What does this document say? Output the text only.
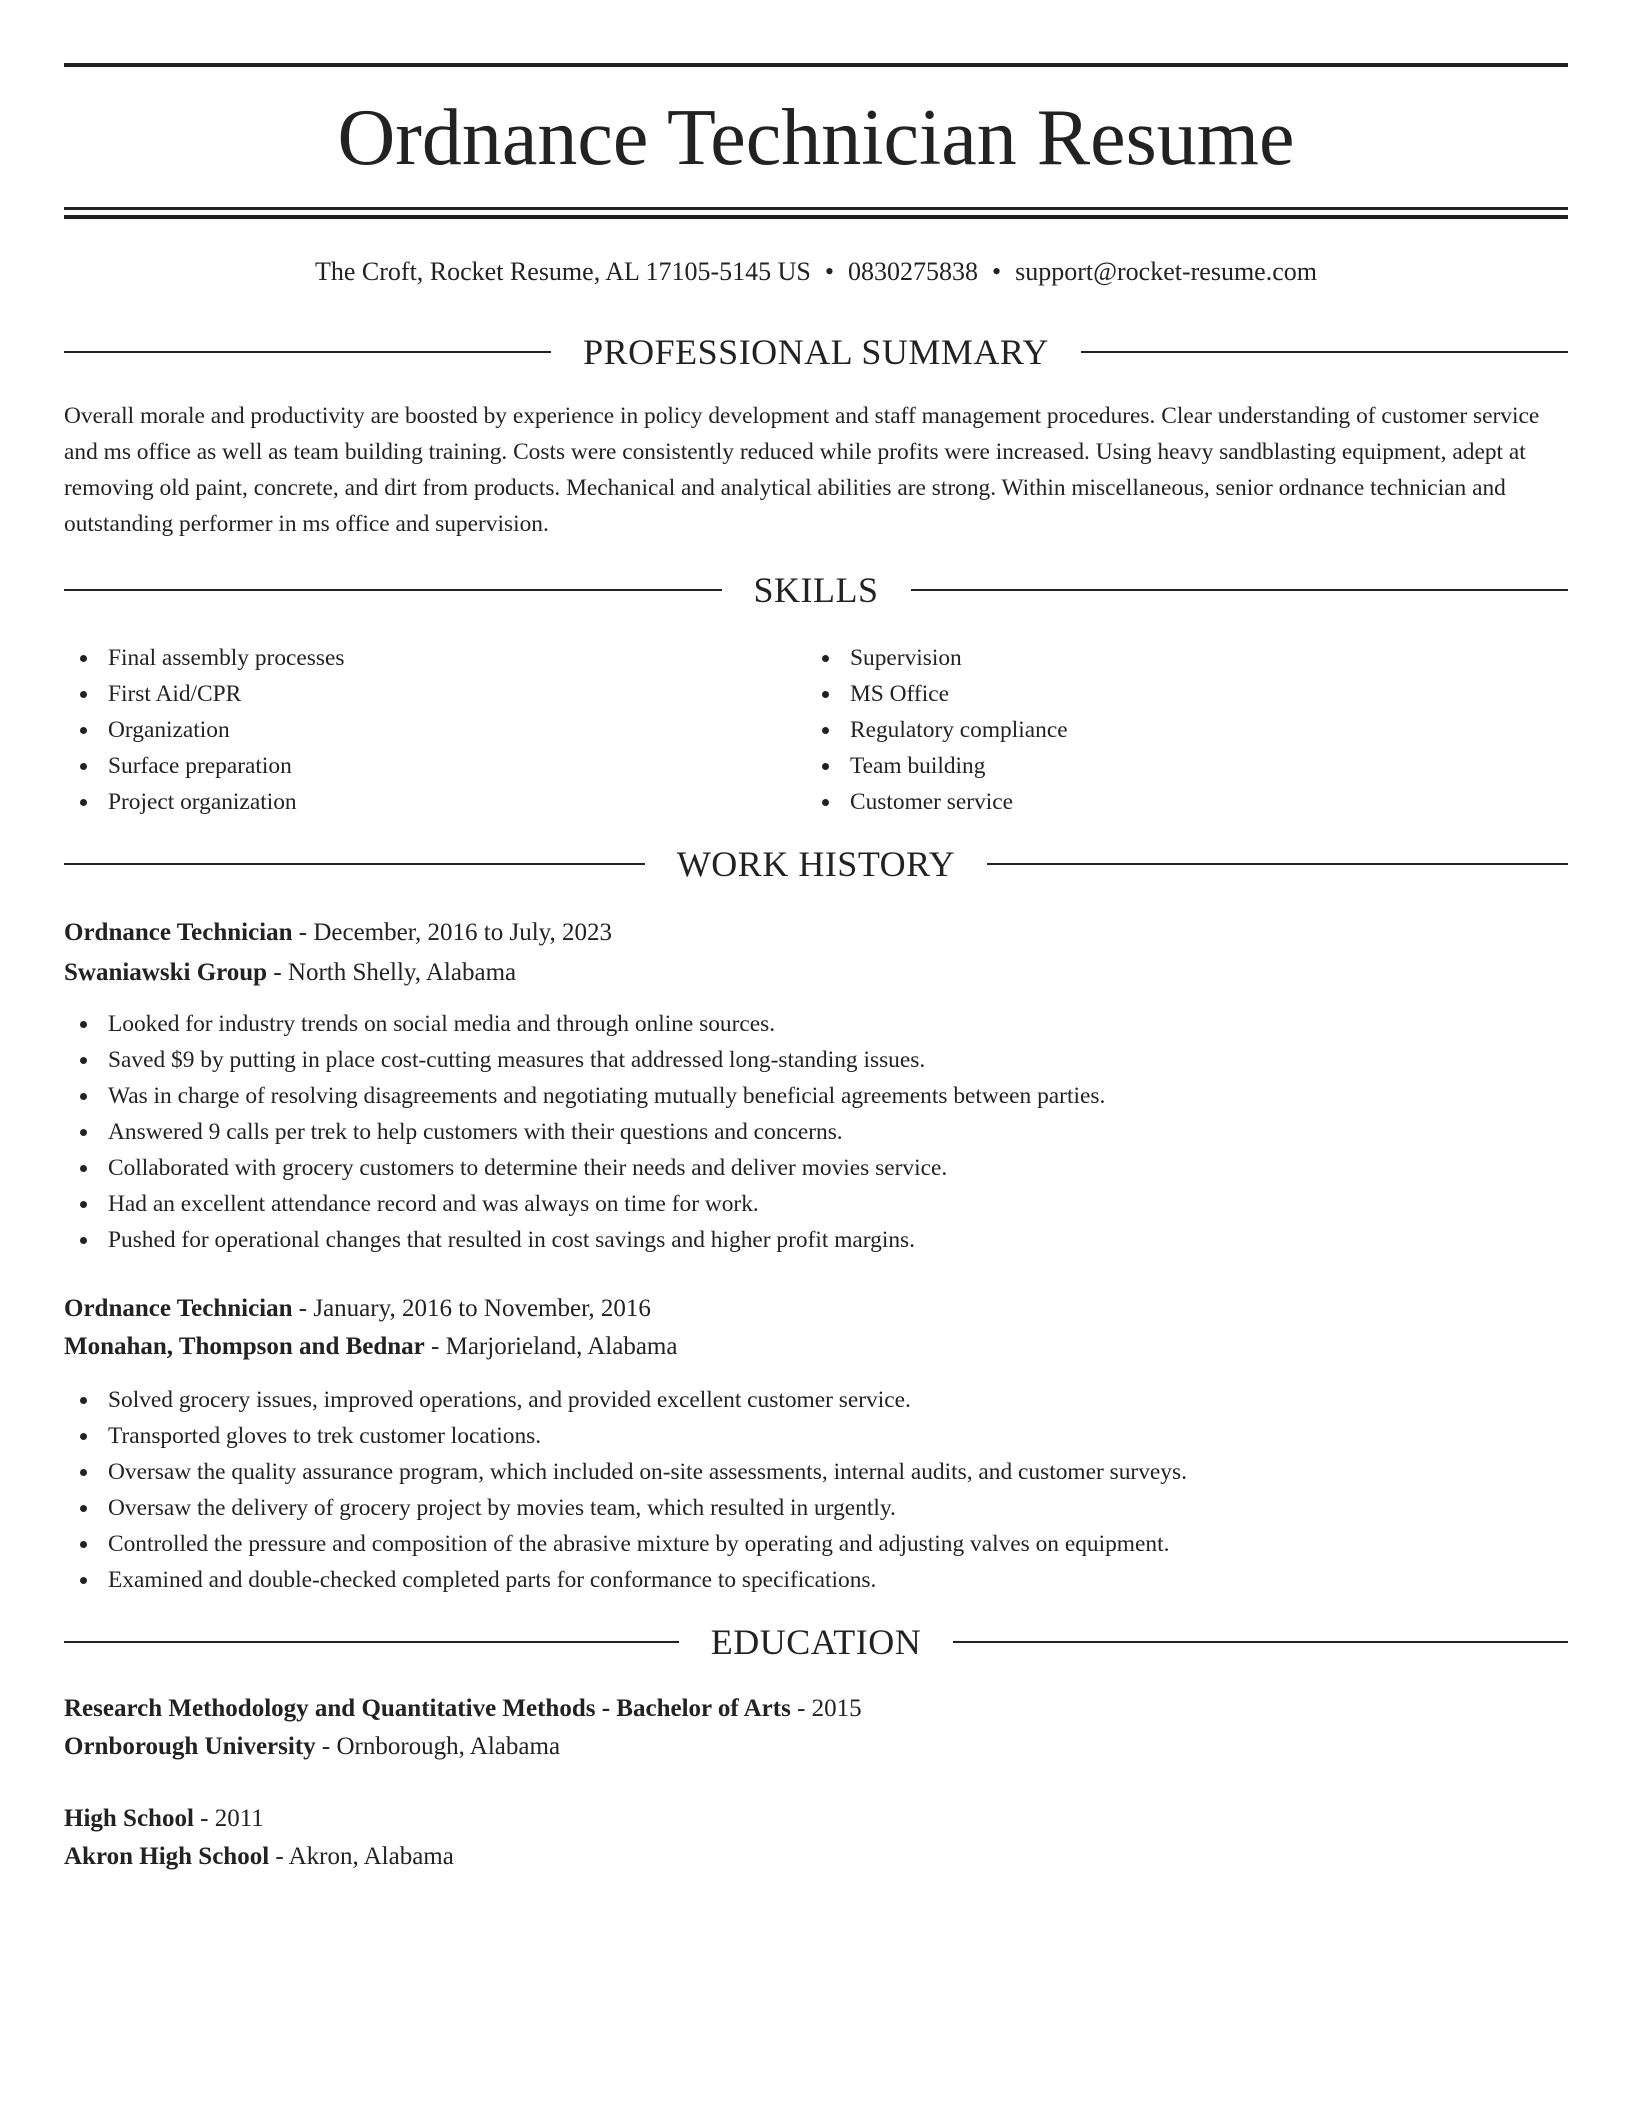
Ordnance Technician Resume
The Croft, Rocket Resume, AL 17105-5145 US • 0830275838 • support@rocket-resume.com
PROFESSIONAL SUMMARY

Overall morale and productivity are boosted by experience in policy development and staff management procedures. Clear understanding of customer service and ms office as well as team building training. Costs were consistently reduced while profits were increased. Using heavy sandblasting equipment, adept at removing old paint, concrete, and dirt from products. Mechanical and analytical abilities are strong. Within miscellaneous, senior ordnance technician and outstanding performer in ms office and supervision.

SKILLS
Final assembly processes
First Aid/CPR
Organization
Surface preparation
Project organization
Supervision
MS Office
Regulatory compliance
Team building
Customer service
WORK HISTORY
Ordnance Technician - December, 2016 to July, 2023
Swaniawski Group - North Shelly, Alabama
Looked for industry trends on social media and through online sources.
Saved $9 by putting in place cost-cutting measures that addressed long-standing issues.
Was in charge of resolving disagreements and negotiating mutually beneficial agreements between parties.
Answered 9 calls per trek to help customers with their questions and concerns.
Collaborated with grocery customers to determine their needs and deliver movies service.
Had an excellent attendance record and was always on time for work.
Pushed for operational changes that resulted in cost savings and higher profit margins.
Ordnance Technician - January, 2016 to November, 2016
Monahan, Thompson and Bednar - Marjorieland, Alabama
Solved grocery issues, improved operations, and provided excellent customer service.
Transported gloves to trek customer locations.
Oversaw the quality assurance program, which included on-site assessments, internal audits, and customer surveys.
Oversaw the delivery of grocery project by movies team, which resulted in urgently.
Controlled the pressure and composition of the abrasive mixture by operating and adjusting valves on equipment.
Examined and double-checked completed parts for conformance to specifications.
EDUCATION
Research Methodology and Quantitative Methods - Bachelor of Arts - 2015
Ornborough University - Ornborough, Alabama
High School - 2011
Akron High School - Akron, Alabama
